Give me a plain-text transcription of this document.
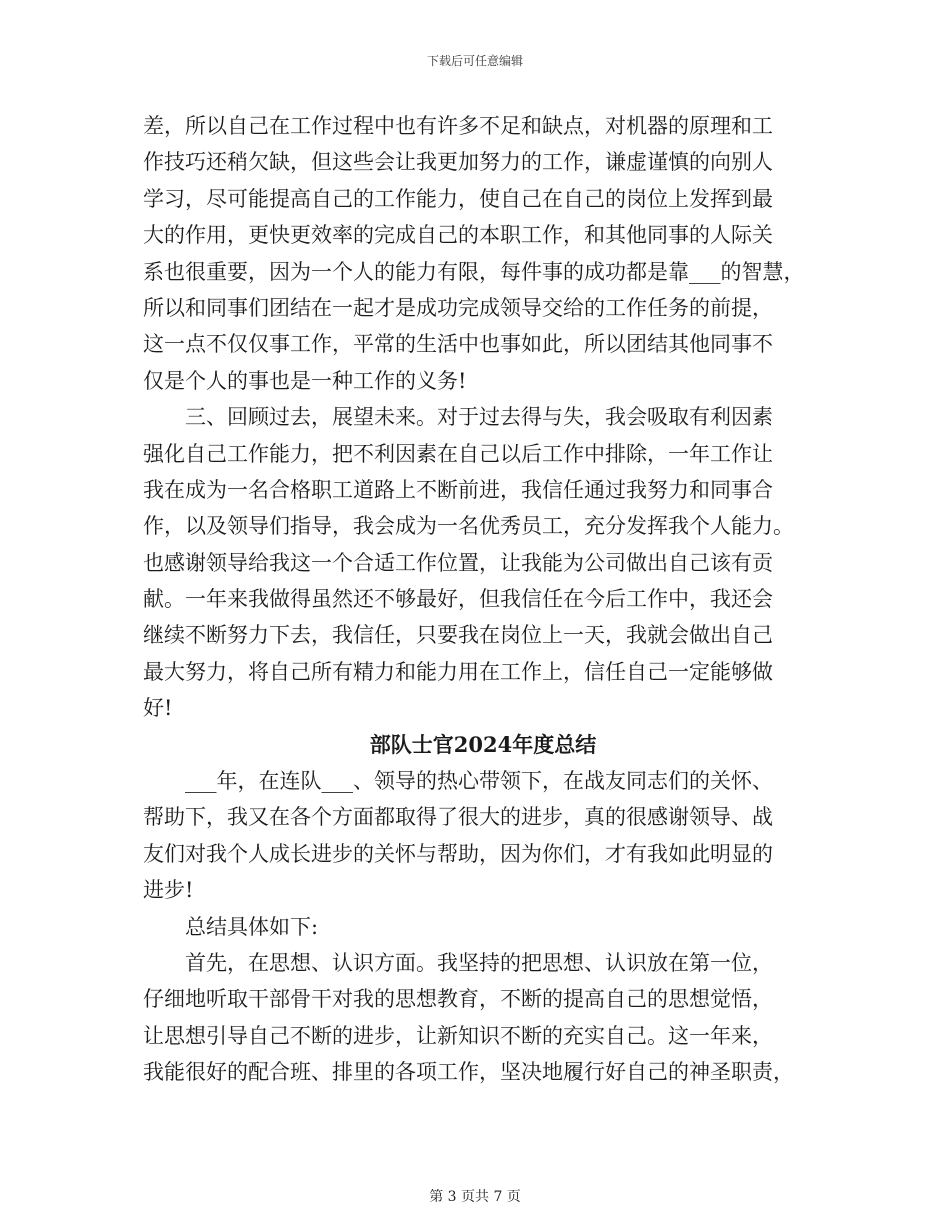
下载后可任意编辑
差，所以自己在工作过程中也有许多不足和缺点，对机器的原理和工
作技巧还稍欠缺，但这些会让我更加努力的工作，谦虚谨慎的向别人
学习，尽可能提高自己的工作能力，使自己在自己的岗位上发挥到最
大的作用，更快更效率的完成自己的本职工作，和其他同事的人际关
系也很重要，因为一个人的能力有限，每件事的成功都是靠___的智慧，
所以和同事们团结在一起才是成功完成领导交给的工作任务的前提，
这一点不仅仅事工作，平常的生活中也事如此，所以团结其他同事不
仅是个人的事也是一种工作的义务!
三、回顾过去，展望未来。对于过去得与失，我会吸取有利因素
强化自己工作能力，把不利因素在自己以后工作中排除，一年工作让
我在成为一名合格职工道路上不断前进，我信任通过我努力和同事合
作，以及领导们指导，我会成为一名优秀员工，充分发挥我个人能力。
也感谢领导给我这一个合适工作位置，让我能为公司做出自己该有贡
献。一年来我做得虽然还不够最好，但我信任在今后工作中，我还会
继续不断努力下去，我信任，只要我在岗位上一天，我就会做出自己
最大努力，将自己所有精力和能力用在工作上，信任自己一定能够做
好!
部队士官2024年度总结
___年，在连队___、领导的热心带领下，在战友同志们的关怀、
帮助下，我又在各个方面都取得了很大的进步，真的很感谢领导、战
友们对我个人成长进步的关怀与帮助，因为你们，才有我如此明显的
进步!
总结具体如下:
首先，在思想、认识方面。我坚持的把思想、认识放在第一位，
仔细地听取干部骨干对我的思想教育，不断的提高自己的思想觉悟，
让思想引导自己不断的进步，让新知识不断的充实自己。这一年来，
我能很好的配合班、排里的各项工作，坚决地履行好自己的神圣职责，
第 3 页共 7 页
